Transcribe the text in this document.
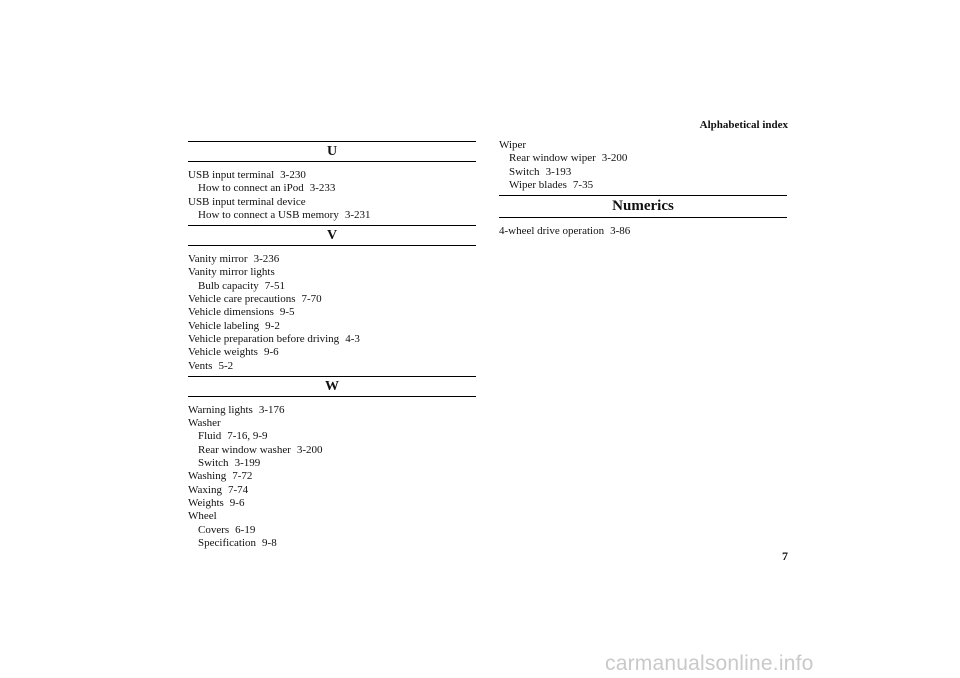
Alphabetical index
U
USB input terminal 3-230
How to connect an iPod 3-233
USB input terminal device
How to connect a USB memory 3-231
V
Vanity mirror 3-236
Vanity mirror lights
Bulb capacity 7-51
Vehicle care precautions 7-70
Vehicle dimensions 9-5
Vehicle labeling 9-2
Vehicle preparation before driving 4-3
Vehicle weights 9-6
Vents 5-2
W
Warning lights 3-176
Washer
Fluid 7-16, 9-9
Rear window washer 3-200
Switch 3-199
Washing 7-72
Waxing 7-74
Weights 9-6
Wheel
Covers 6-19
Specification 9-8
Wiper
Rear window wiper 3-200
Switch 3-193
Wiper blades 7-35
Numerics
4-wheel drive operation 3-86
7
carmanualsonline.info
